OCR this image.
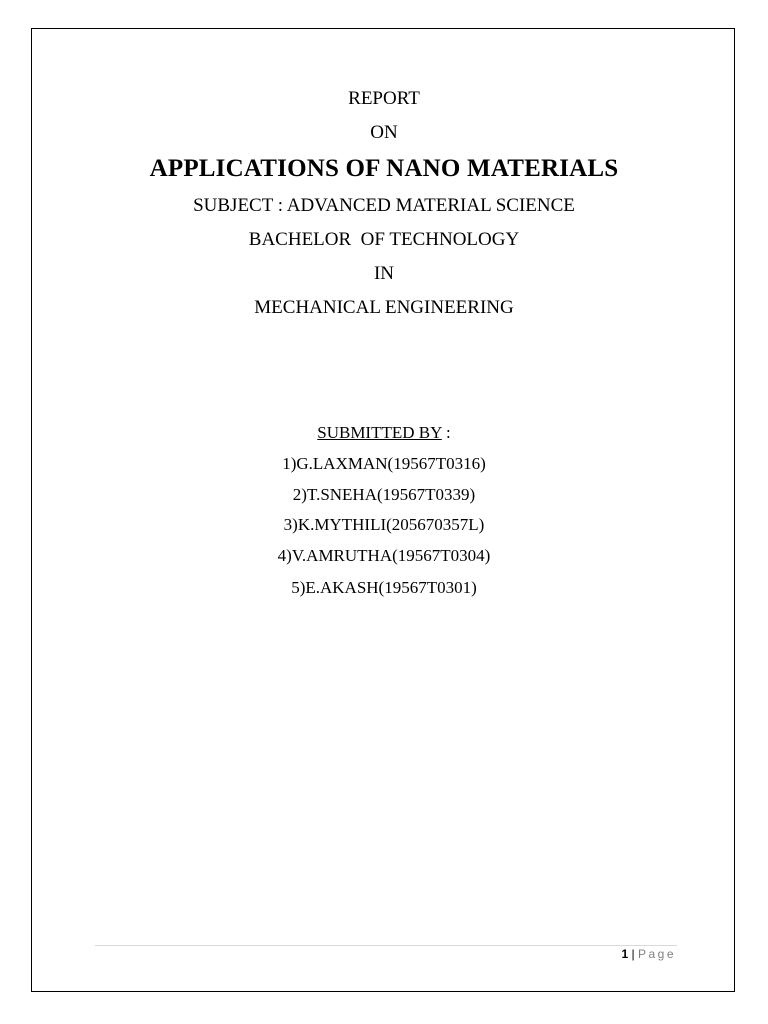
REPORT
ON
APPLICATIONS OF NANO MATERIALS
SUBJECT : ADVANCED MATERIAL SCIENCE
BACHELOR  OF TECHNOLOGY
IN
MECHANICAL ENGINEERING
SUBMITTED BY :
1)G.LAXMAN(19567T0316)
2)T.SNEHA(19567T0339)
3)K.MYTHILI(205670357L)
4)V.AMRUTHA(19567T0304)
5)E.AKASH(19567T0301)
1 | Page
